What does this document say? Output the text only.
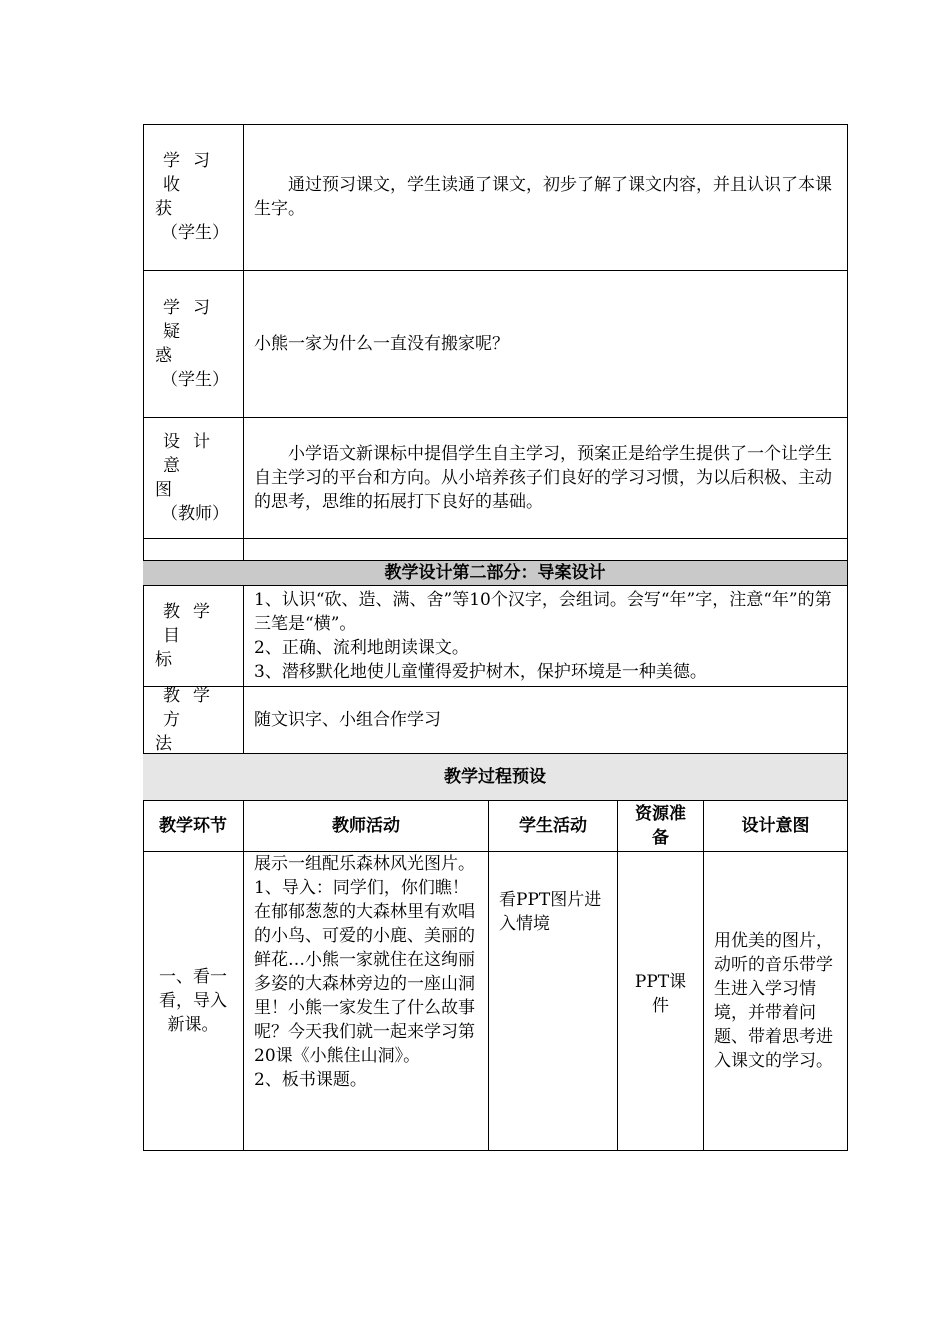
学习收
获
（学生）
通过预习课文，学生读通了课文，初步了解了课文内容，并且认识了本课生字。
学习疑
惑
（学生）
小熊一家为什么一直没有搬家呢？
设计意
图
（教师）
小学语文新课标中提倡学生自主学习，预案正是给学生提供了一个让学生自主学习的平台和方向。从小培养孩子们良好的学习习惯，为以后积极、主动的思考，思维的拓展打下良好的基础。
教学设计第二部分：导案设计
教学目
标
1、认识“砍、造、满、舍”等10个汉字，会组词。会写“年”字，注意“年”的第三笔是“横”。
2、正确、流利地朗读课文。
3、潜移默化地使儿童懂得爱护树木，保护环境是一种美德。
教学方
法
随文识字、小组合作学习
教学过程预设
教学环节	教师活动	学生活动
资源准备
设计意图
一、看一看，导入新课。
展示一组配乐森林风光图片。
1、导入：同学们，你们瞧！在郁郁葱葱的大森林里有欢唱的小鸟、可爱的小鹿、美丽的鲜花…小熊一家就住在这绚丽多姿的大森林旁边的一座山洞里！小熊一家发生了什么故事呢？今天我们就一起来学习第20课《小熊住山洞》。
2、板书课题。
看PPT图片进入情境
PPT课件
用优美的图片，动听的音乐带学生进入学习情境，并带着问题、带着思考进入课文的学习。
